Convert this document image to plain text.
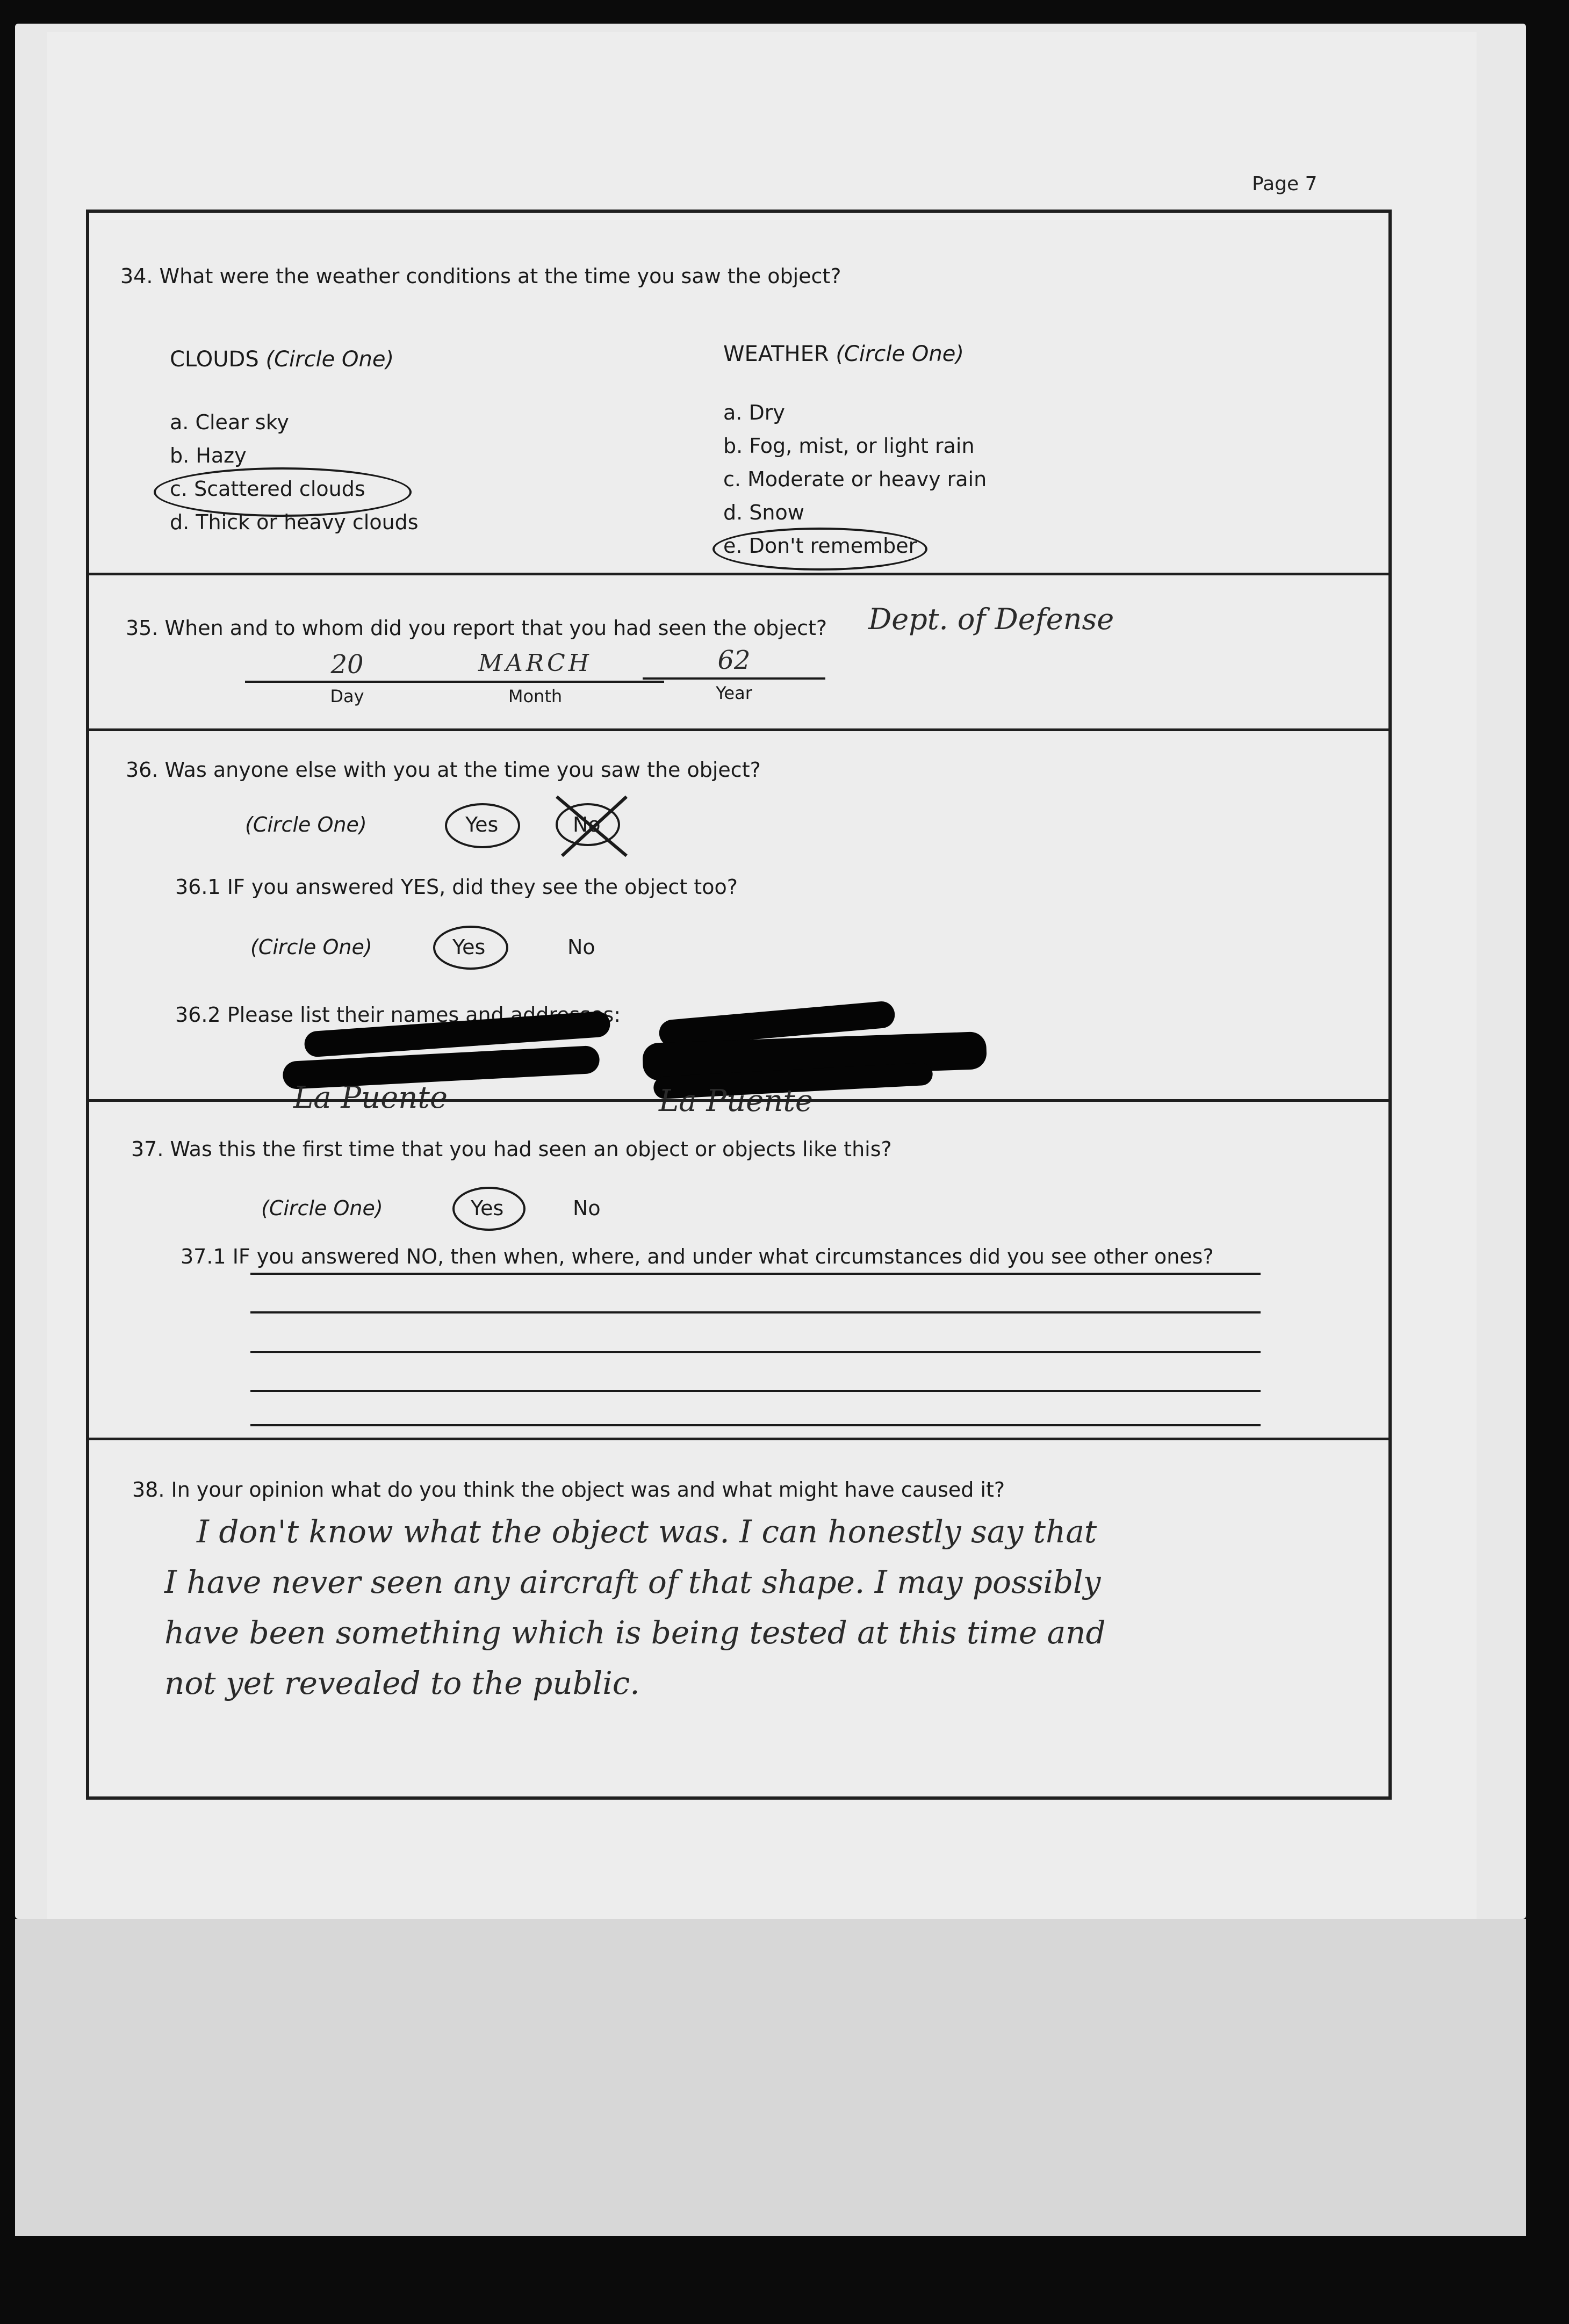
Page 7
34. What were the weather conditions at the time you saw the object?
CLOUDS (Circle One)
a. Clear sky
b. Hazy
c. Scattered clouds
d. Thick or heavy clouds
WEATHER (Circle One)
a. Dry
b. Fog, mist, or light rain
c. Moderate or heavy rain
d. Snow
e. Don't remember
35. When and to whom did you report that you had seen the object? Dept. of Defense
20
Day
MARCH
Month
62
Year
36. Was anyone else with you at the time you saw the object?
(Circle One)	Yes	No
36.1 IF you answered YES, did they see the object too?
(Circle One)	Yes	No
36.2 Please list their names and addresses:
La Puente	La Puente
37. Was this the first time that you had seen an object or objects like this?
(Circle One)	Yes	No
37.1 IF you answered NO, then when, where, and under what circumstances did you see other ones?
38. In your opinion what do you think the object was and what might have caused it?
I don't know what the object was. I can honestly say that
I have never seen any aircraft of that shape. I may possibly
have been something which is being tested at this time and
not yet revealed to the public.
